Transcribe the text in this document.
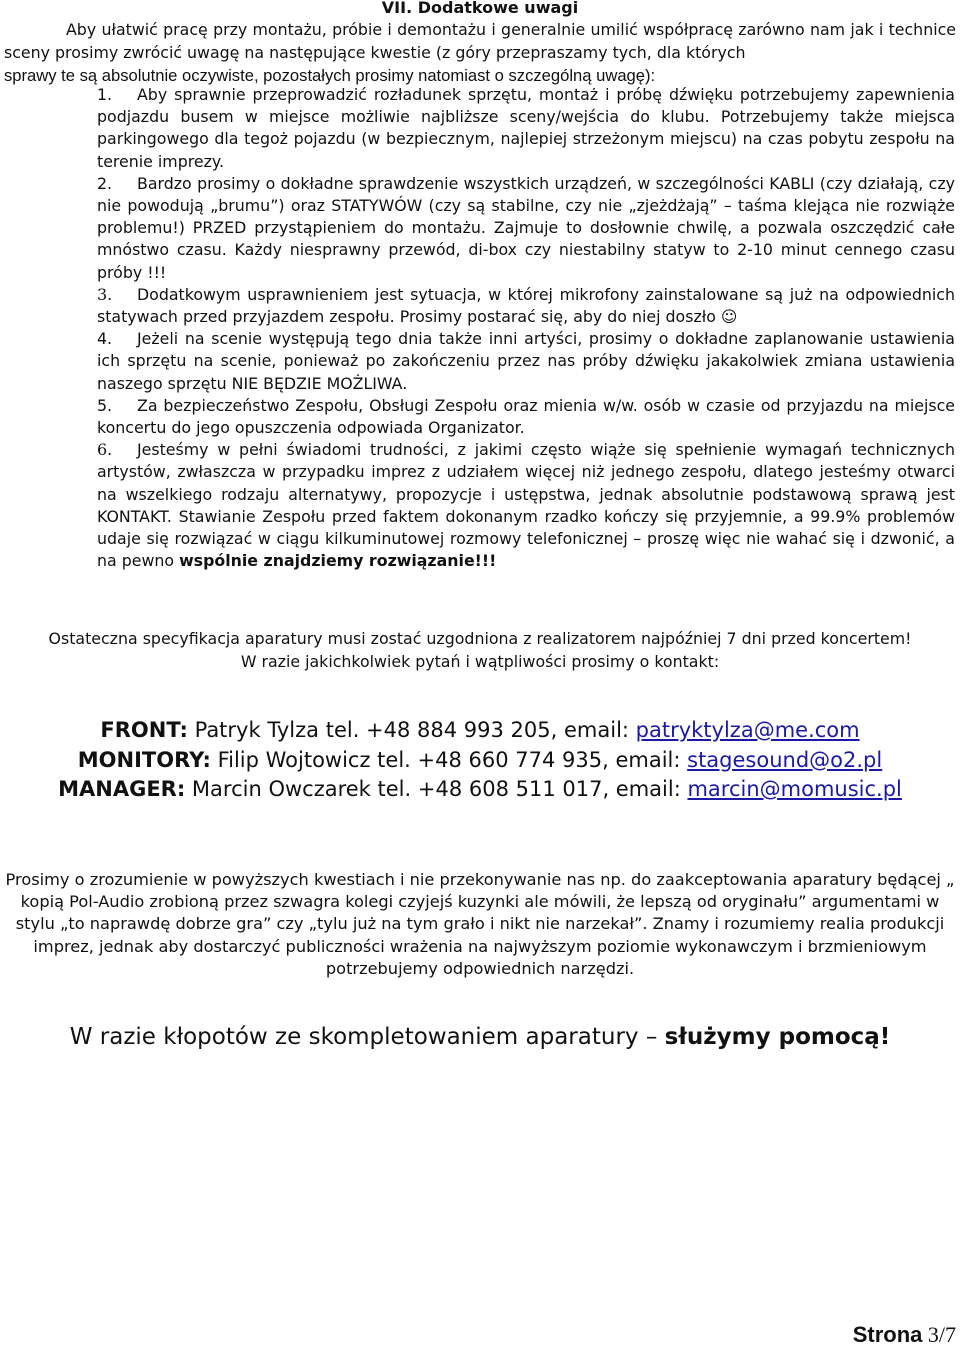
VII. Dodatkowe uwagi
Aby ułatwić pracę przy montażu, próbie i demontażu i generalnie umilić współpracę zarówno nam jak i technice sceny prosimy zwrócić uwagę na następujące kwestie (z góry przepraszamy tych, dla których
sprawy te są absolutnie oczywiste, pozostałych prosimy natomiast o szczególną uwagę):

1. Aby sprawnie przeprowadzić rozładunek sprzętu, montaż i próbę dźwięku potrzebujemy zapewnienia podjazdu busem w miejsce możliwie najbliższe sceny/wejścia do klubu. Potrzebujemy także miejsca parkingowego dla tegoż pojazdu (w bezpiecznym, najlepiej strzeżonym miejscu) na czas pobytu zespołu na terenie imprezy.

2. Bardzo prosimy o dokładne sprawdzenie wszystkich urządzeń, w szczególności KABLI (czy działają, czy nie powodują „brumu”) oraz STATYWÓW (czy są stabilne, czy nie „zjeżdżają” – taśma klejąca nie rozwiąże problemu!) PRZED przystąpieniem do montażu. Zajmuje to dosłownie chwilę, a pozwala oszczędzić całe mnóstwo czasu. Każdy niesprawny przewód, di-box czy niestabilny statyw to 2-10 minut cennego czasu próby !!!

3. Dodatkowym usprawnieniem jest sytuacja, w której mikrofony zainstalowane są już na odpowiednich statywach przed przyjazdem zespołu. Prosimy postarać się, aby do niej doszło ☺

4. Jeżeli na scenie występują tego dnia także inni artyści, prosimy o dokładne zaplanowanie ustawienia ich sprzętu na scenie, ponieważ po zakończeniu przez nas próby dźwięku jakakolwiek zmiana ustawienia naszego sprzętu NIE BĘDZIE MOŻLIWA.

5. Za bezpieczeństwo Zespołu, Obsługi Zespołu oraz mienia w/w. osób w czasie od przyjazdu na miejsce koncertu do jego opuszczenia odpowiada Organizator.

6. Jesteśmy w pełni świadomi trudności, z jakimi często wiąże się spełnienie wymagań technicznych artystów, zwłaszcza w przypadku imprez z udziałem więcej niż jednego zespołu, dlatego jesteśmy otwarci na wszelkiego rodzaju alternatywy, propozycje i ustępstwa, jednak absolutnie podstawową sprawą jest KONTAKT. Stawianie Zespołu przed faktem dokonanym rzadko kończy się przyjemnie, a 99.9% problemów udaje się rozwiązać w ciągu kilkuminutowej rozmowy telefonicznej – proszę więc nie wahać się i dzwonić, a na pewno wspólnie znajdziemy rozwiązanie!!!

Ostateczna specyfikacja aparatury musi zostać uzgodniona z realizatorem najpóźniej 7 dni przed koncertem!
W razie jakichkolwiek pytań i wątpliwości prosimy o kontakt:
FRONT: Patryk Tylza tel. +48 884 993 205, email: patryktylza@me.com
MONITORY: Filip Wojtowicz tel. +48 660 774 935, email: stagesound@o2.pl
MANAGER: Marcin Owczarek tel. +48 608 511 017, email: marcin@momusic.pl
Prosimy o zrozumienie w powyższych kwestiach i nie przekonywanie nas np. do zaakceptowania aparatury będącej „ kopią Pol-Audio zrobioną przez szwagra kolegi czyjejś kuzynki ale mówili, że lepszą od oryginału” argumentami w stylu „to naprawdę dobrze gra” czy „tylu już na tym grało i nikt nie narzekał”. Znamy i rozumiemy realia produkcji imprez, jednak aby dostarczyć publiczności wrażenia na najwyższym poziomie wykonawczym i brzmieniowym potrzebujemy odpowiednich narzędzi.
W razie kłopotów ze skompletowaniem aparatury – służymy pomocą!
Strona 3/7
